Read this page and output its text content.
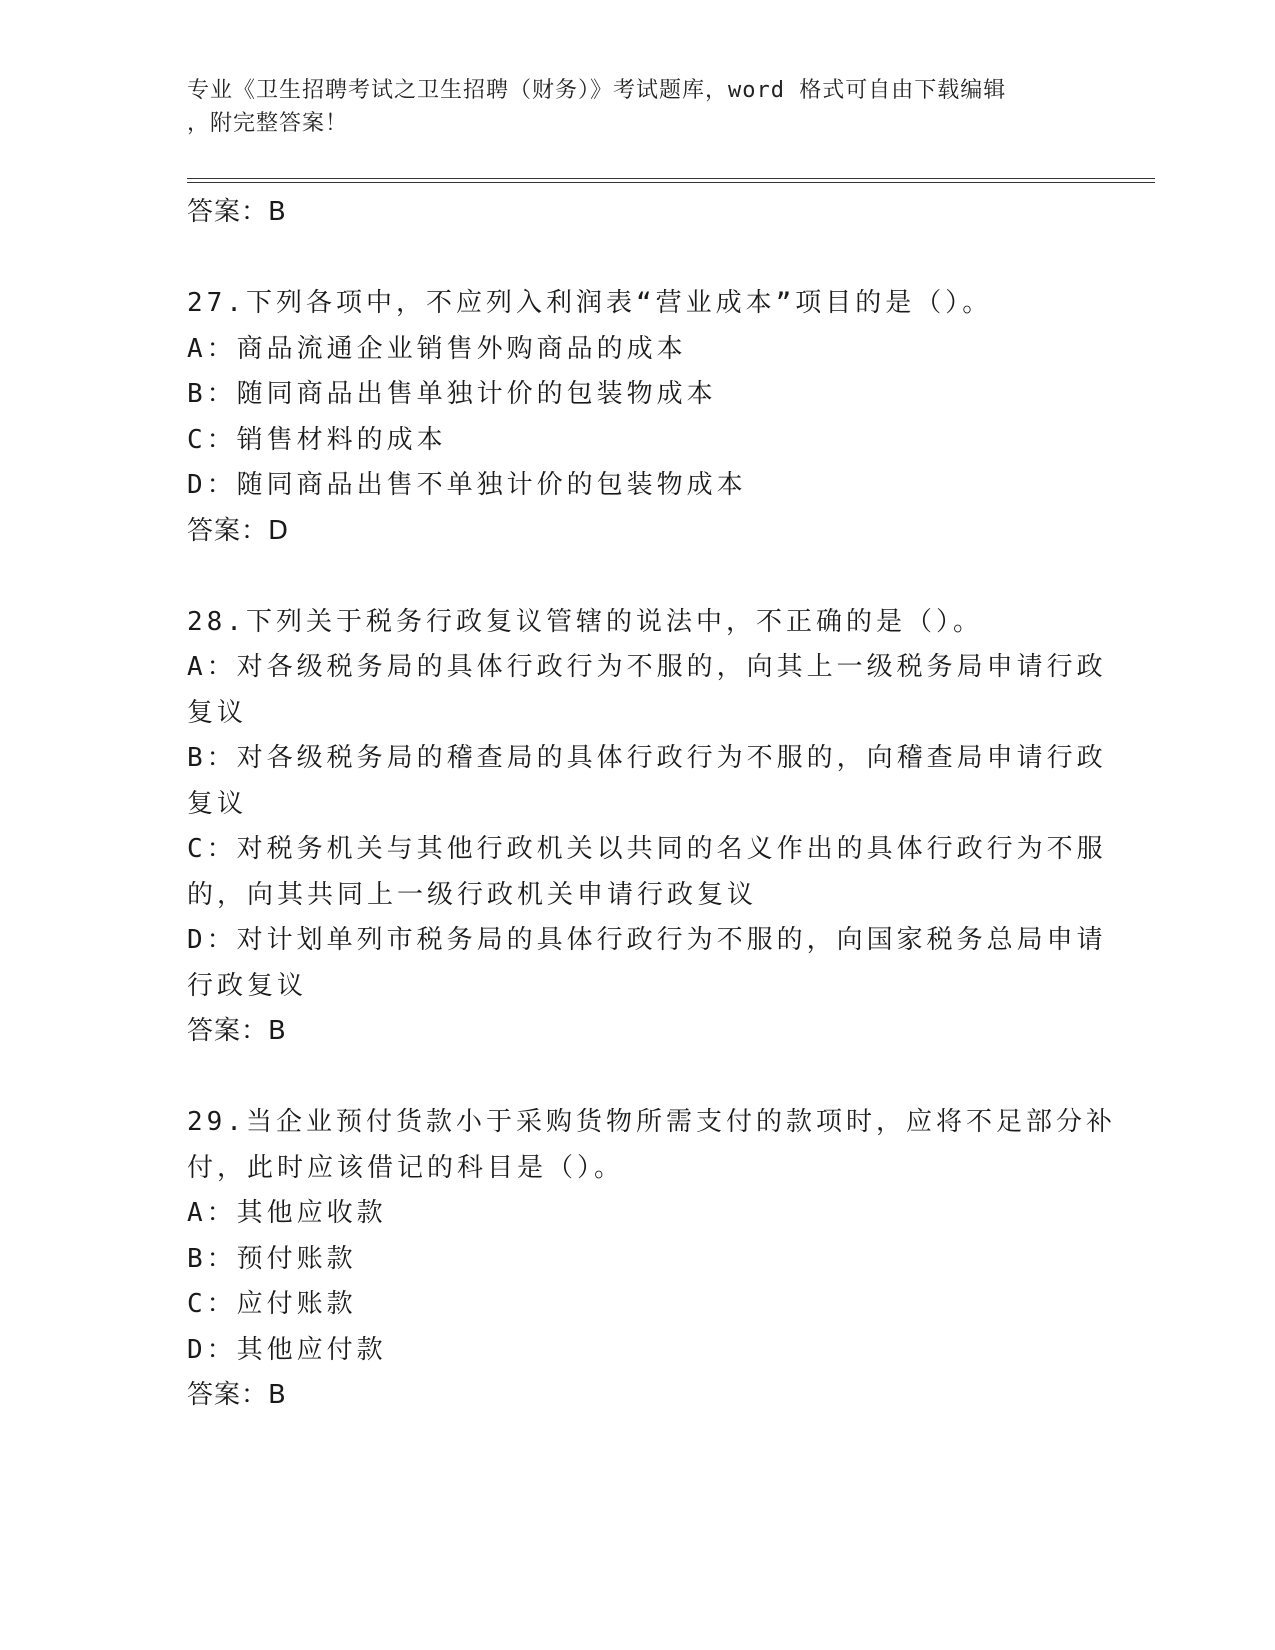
专业《卫生招聘考试之卫生招聘（财务）》考试题库，word 格式可自由下载编辑
，附完整答案！
答案：B
27.下列各项中，不应列入利润表“营业成本”项目的是（）。
A：商品流通企业销售外购商品的成本
B：随同商品出售单独计价的包装物成本
C：销售材料的成本
D：随同商品出售不单独计价的包装物成本
答案：D
28.下列关于税务行政复议管辖的说法中，不正确的是（）。
A：对各级税务局的具体行政行为不服的，向其上一级税务局申请行政
复议
B：对各级税务局的稽查局的具体行政行为不服的，向稽查局申请行政
复议
C：对税务机关与其他行政机关以共同的名义作出的具体行政行为不服
的，向其共同上一级行政机关申请行政复议
D：对计划单列市税务局的具体行政行为不服的，向国家税务总局申请
行政复议
答案：B
29.当企业预付货款小于采购货物所需支付的款项时，应将不足部分补
付，此时应该借记的科目是（）。
A：其他应收款
B：预付账款
C：应付账款
D：其他应付款
答案：B
